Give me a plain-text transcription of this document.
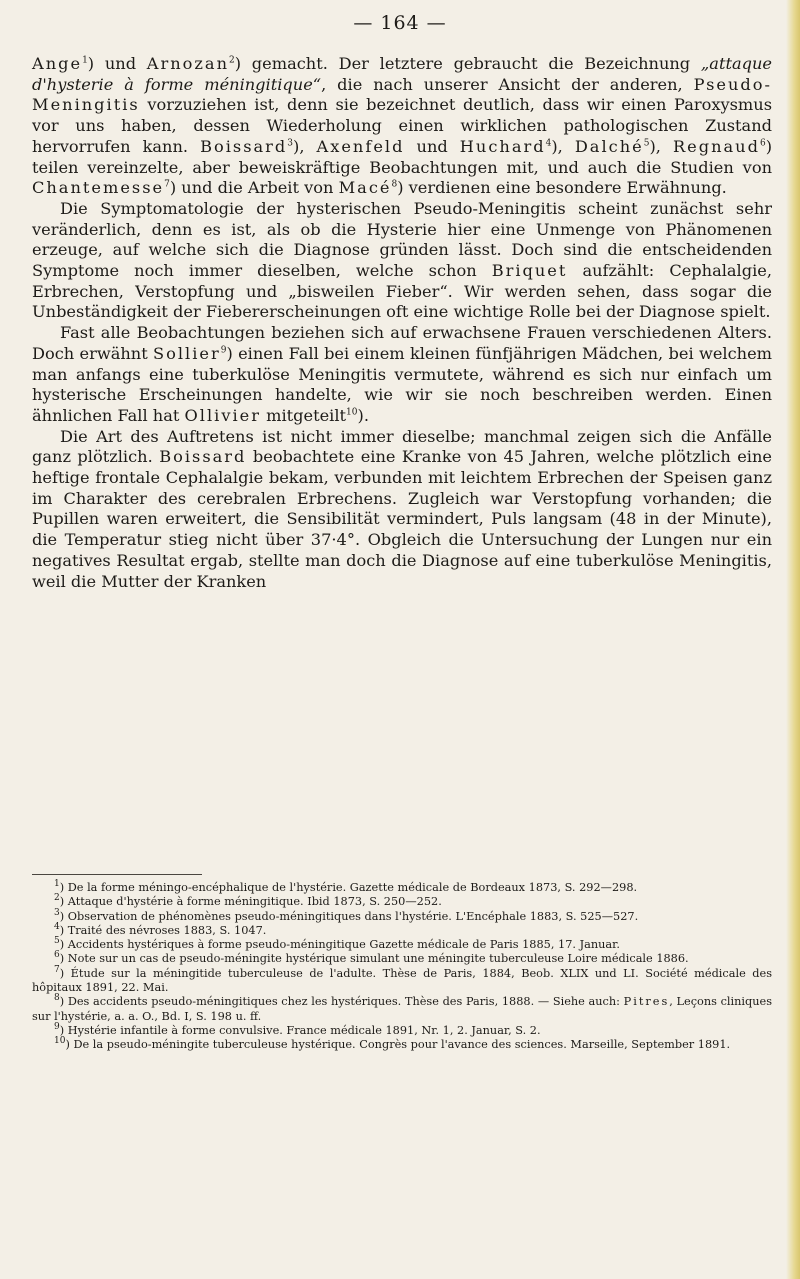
— 164 —

Ange$^1$) und Arnozan$^2$) gemacht. Der letztere gebraucht die Bezeichnung „attaque d'hysterie à forme méningitique“, die nach unserer Ansicht der anderen, Pseudo-Meningitis vorzuziehen ist, denn sie bezeichnet deutlich, dass wir einen Paroxysmus vor uns haben, dessen Wiederholung einen wirklichen pathologischen Zustand hervorrufen kann. Boissard$^3$), Axenfeld und Huchard$^4$), Dalché$^5$), Regnaud$^6$) teilen vereinzelte, aber beweiskräftige Beobachtungen mit, und auch die Studien von Chantemesse$^7$) und die Arbeit von Macé$^8$) verdienen eine besondere Erwähnung.

Die Symptomatologie der hysterischen Pseudo-Meningitis scheint zunächst sehr veränderlich, denn es ist, als ob die Hysterie hier eine Unmenge von Phänomenen erzeuge, auf welche sich die Diagnose gründen lässt. Doch sind die entscheidenden Symptome noch immer dieselben, welche schon Briquet aufzählt: Cephalalgie, Erbrechen, Verstopfung und „bisweilen Fieber“. Wir werden sehen, dass sogar die Unbeständigkeit der Fiebererscheinungen oft eine wichtige Rolle bei der Diagnose spielt.

Fast alle Beobachtungen beziehen sich auf erwachsene Frauen verschiedenen Alters. Doch erwähnt Sollier$^9$) einen Fall bei einem kleinen fünfjährigen Mädchen, bei welchem man anfangs eine tuberkulöse Meningitis vermutete, während es sich nur einfach um hysterische Erscheinungen handelte, wie wir sie noch beschreiben werden. Einen ähnlichen Fall hat Ollivier mitgeteilt$^{10}$).

Die Art des Auftretens ist nicht immer dieselbe; manchmal zeigen sich die Anfälle ganz plötzlich. Boissard beobachtete eine Kranke von 45 Jahren, welche plötzlich eine heftige frontale Cephalalgie bekam, verbunden mit leichtem Erbrechen der Speisen ganz im Charakter des cerebralen Erbrechens. Zugleich war Verstopfung vorhanden; die Pupillen waren erweitert, die Sensibilität vermindert, Puls langsam (48 in der Minute), die Temperatur stieg nicht über 37·4°. Obgleich die Untersuchung der Lungen nur ein negatives Resultat ergab, stellte man doch die Diagnose auf eine tuberkulöse Meningitis, weil die Mutter der Kranken

$^1$) De la forme méningo-encéphalique de l'hystérie. Gazette médicale de Bordeaux 1873, S. 292—298.

$^2$) Attaque d'hystérie à forme méningitique. Ibid 1873, S. 250—252.

$^3$) Observation de phénomènes pseudo-méningitiques dans l'hystérie. L'Encéphale 1883, S. 525—527.

$^4$) Traité des névroses 1883, S. 1047.

$^5$) Accidents hystériques à forme pseudo-méningitique Gazette médicale de Paris 1885, 17. Januar.

$^6$) Note sur un cas de pseudo-méningite hystérique simulant une méningite tuberculeuse Loire médicale 1886.

$^7$) Étude sur la méningitide tuberculeuse de l'adulte. Thèse de Paris, 1884, Beob. XLIX und LI. Société médicale des hôpitaux 1891, 22. Mai.

$^8$) Des accidents pseudo-méningitiques chez les hystériques. Thèse des Paris, 1888. — Siehe auch: Pitres, Leçons cliniques sur l'hystérie, a. a. O., Bd. I, S. 198 u. ff.

$^9$) Hystérie infantile à forme convulsive. France médicale 1891, Nr. 1, 2. Januar, S. 2.

$^{10}$) De la pseudo-méningite tuberculeuse hystérique. Congrès pour l'avance des sciences. Marseille, September 1891.
